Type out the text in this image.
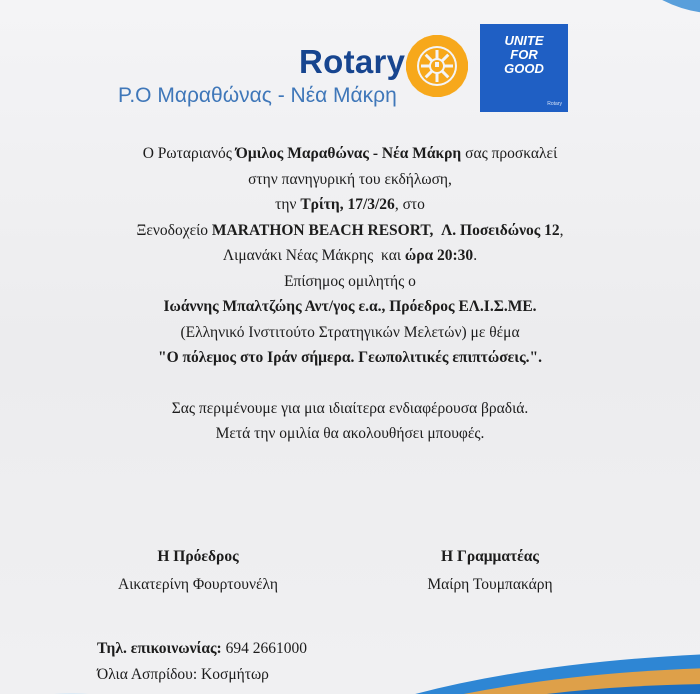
Rotary
Ρ.Ο Μαραθώνας - Νέα Μάκρη
UNITE
FOR
GOOD
Rotary
Ο Ρωταριανός Όμιλος Μαραθώνας - Νέα Μάκρη σας προσκαλεί
στην πανηγυρική του εκδήλωση,
την Τρίτη, 17/3/26, στο
Ξενοδοχείο MARATHON BEACH RESORT,  Λ. Ποσειδώνος 12,
Λιμανάκι Νέας Μάκρης  και ώρα 20:30.
Επίσημος ομιλητής ο
Ιωάννης Μπαλτζώης Αντ/γος ε.α., Πρόεδρος ΕΛ.Ι.Σ.ΜΕ.
(Ελληνικό Ινστιτούτο Στρατηγικών Μελετών) με θέμα
"Ο πόλεμος στο Ιράν σήμερα. Γεωπολιτικές επιπτώσεις.".
Σας περιμένουμε για μια ιδιαίτερα ενδιαφέρουσα βραδιά.
Μετά την ομιλία θα ακολουθήσει μπουφές.
Η Πρόεδρος
Αικατερίνη Φουρτουνέλη
Η Γραμματέας
Μαίρη Τουμπακάρη
Τηλ. επικοινωνίας: 694 2661000
Όλια Ασπρίδου: Κοσμήτωρ
